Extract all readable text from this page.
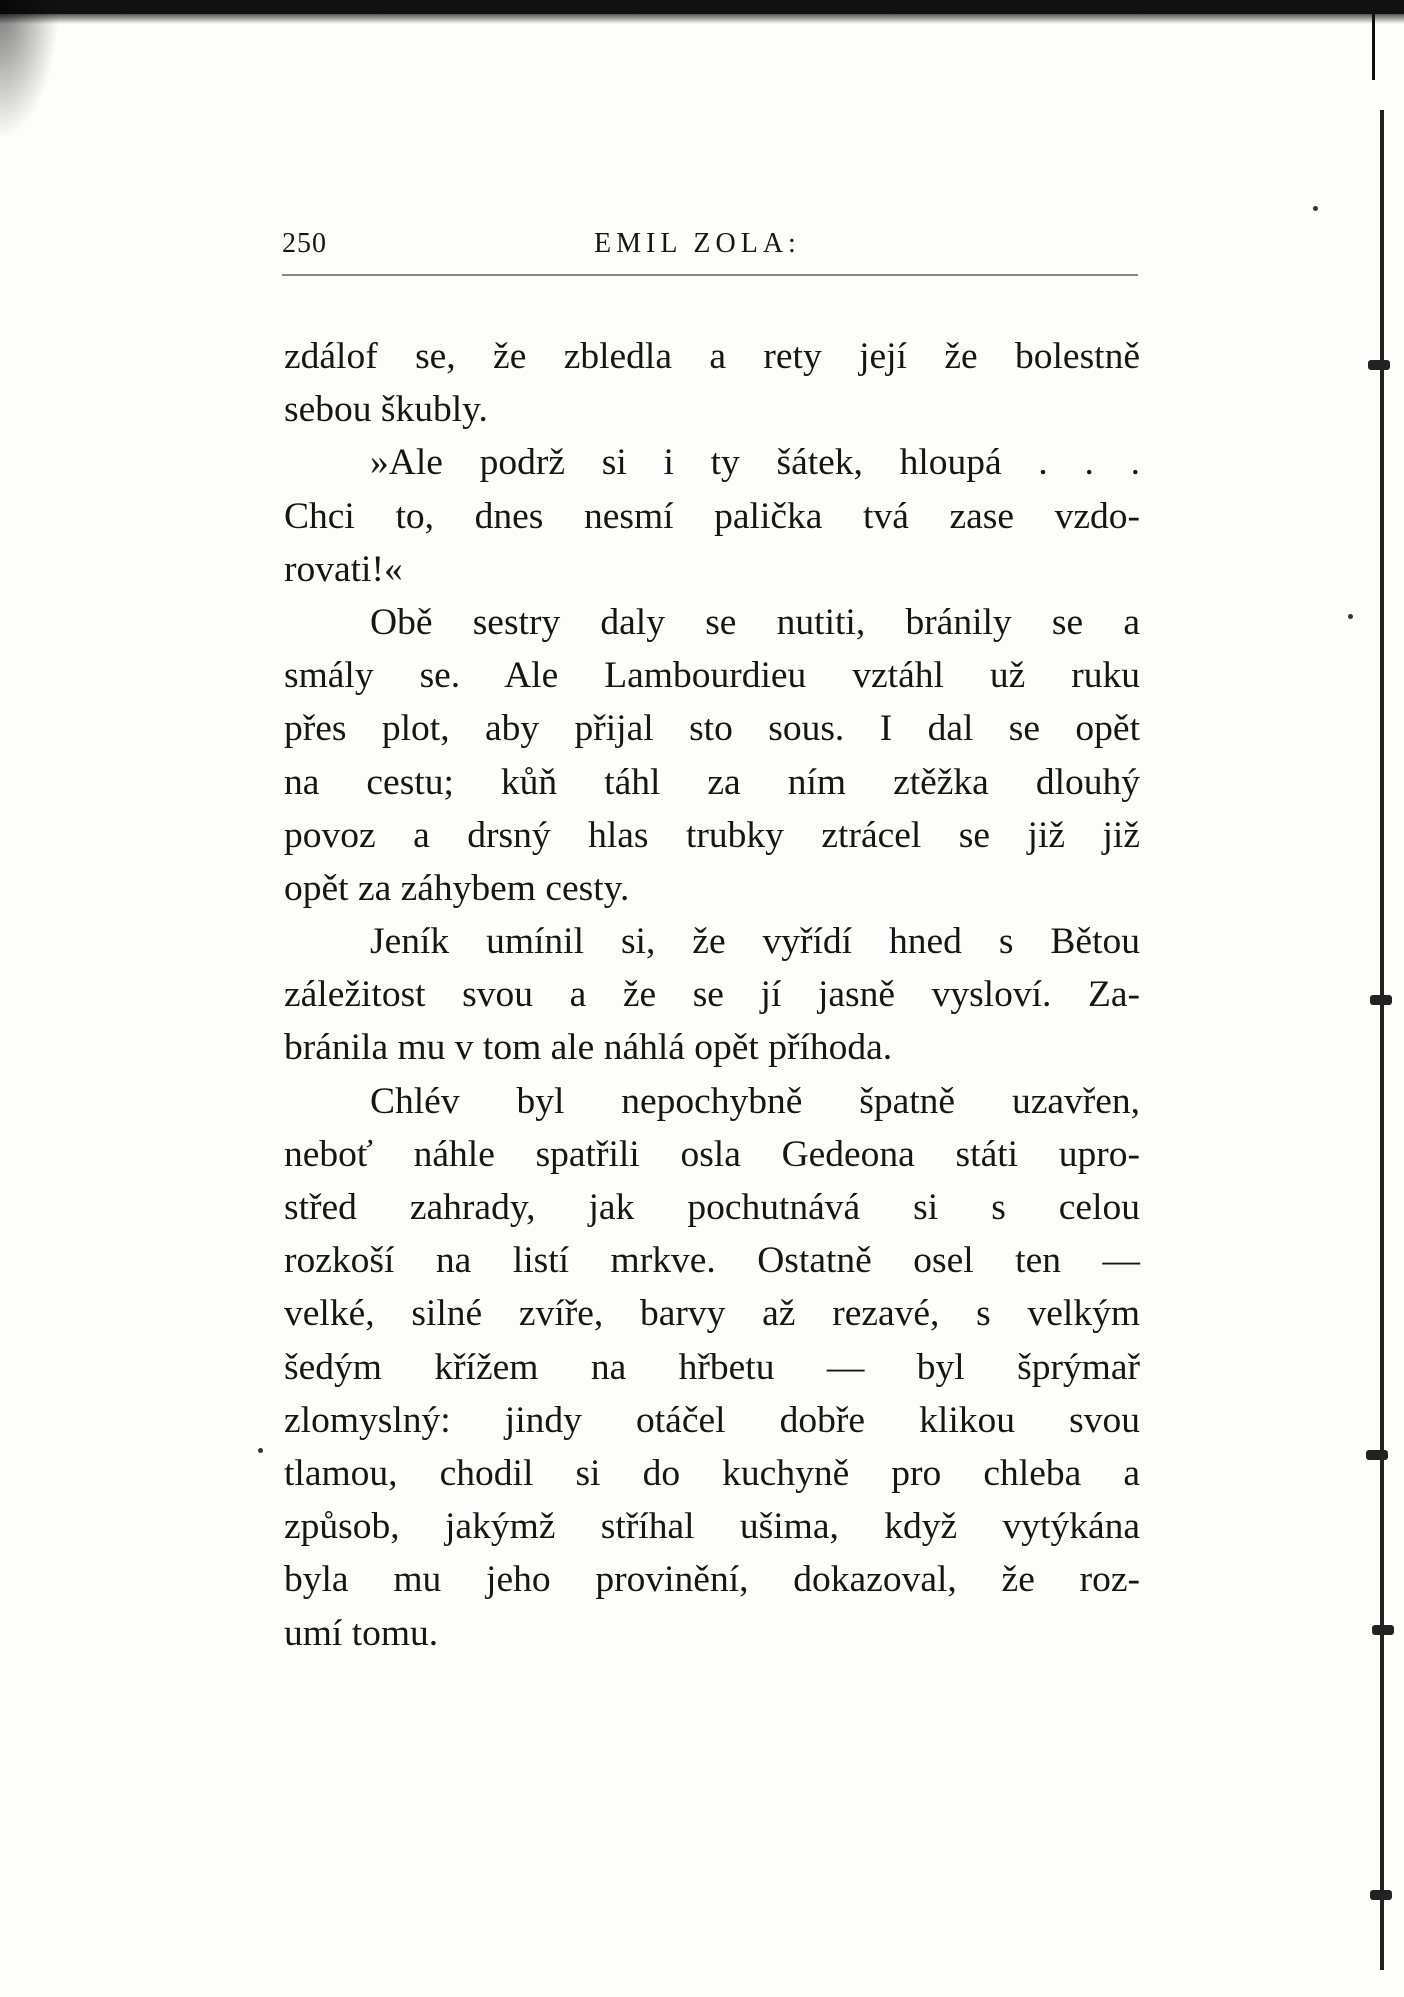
250	EMIL ZOLA:
zdálof se, že zbledla a rety její že bolestně
sebou škubly.
»Ale podrž si i ty šátek, hloupá . . .
Chci to, dnes nesmí palička tvá zase vzdo-
rovati!«
Obě sestry daly se nutiti, bránily se a
smály se. Ale Lambourdieu vztáhl už ruku
přes plot, aby přijal sto sous. I dal se opět
na cestu; kůň táhl za ním ztěžka dlouhý
povoz a drsný hlas trubky ztrácel se již již
opět za záhybem cesty.
Jeník umínil si, že vyřídí hned s Bětou
záležitost svou a že se jí jasně vysloví. Za-
bránila mu v tom ale náhlá opět příhoda.
Chlév byl nepochybně špatně uzavřen,
neboť náhle spatřili osla Gedeona státi upro-
střed zahrady, jak pochutnává si s celou
rozkoší na listí mrkve. Ostatně osel ten —
velké, silné zvíře, barvy až rezavé, s velkým
šedým křížem na hřbetu — byl šprýmař
zlomyslný: jindy otáčel dobře klikou svou
tlamou, chodil si do kuchyně pro chleba a
způsob, jakýmž stříhal ušima, když vytýkána
byla mu jeho provinění, dokazoval, že roz-
umí tomu.
